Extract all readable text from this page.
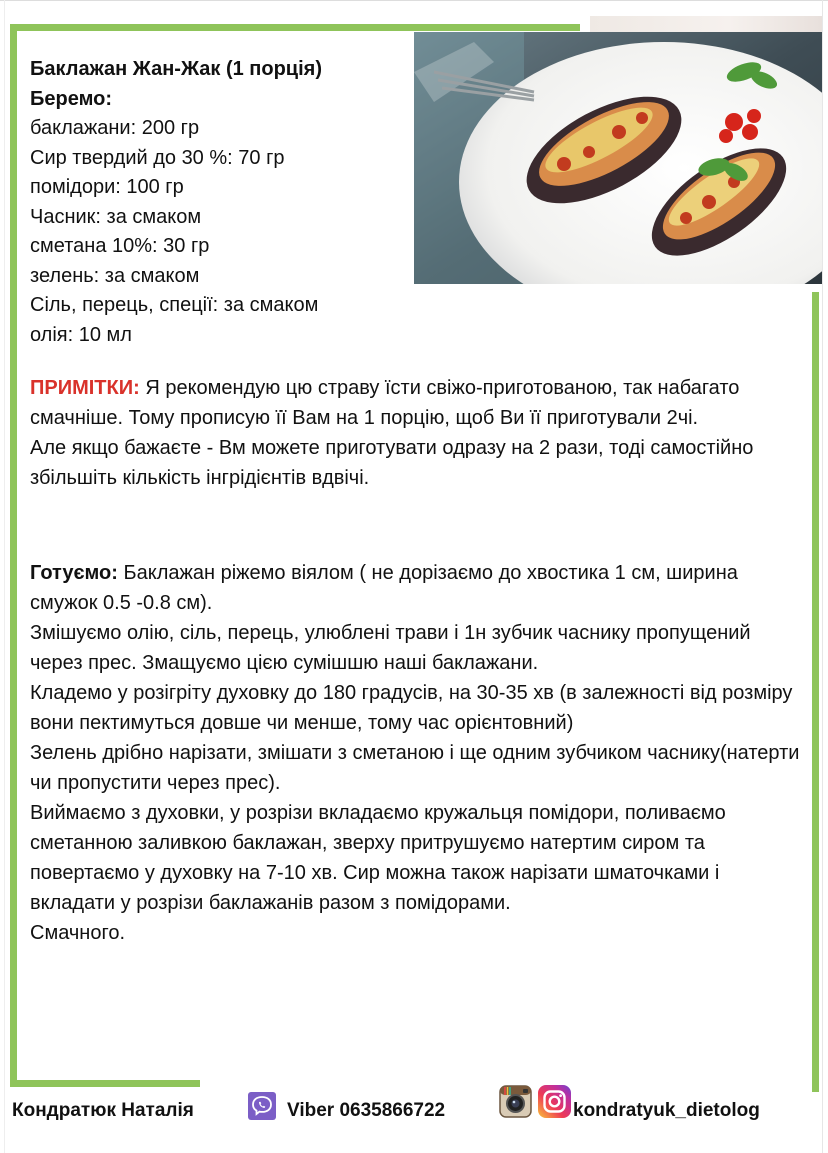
Баклажан Жан-Жак (1 порція)
Беремо:
баклажани: 200 гр
Сир твердий до 30 %: 70 гр
помідори: 100 гр
Часник: за смаком
сметана 10%: 30 гр
зелень: за смаком
Сіль, перець, спеції: за смаком
олія: 10 мл
ПРИМІТКИ: Я рекомендую цю страву їсти свіжо-приготованою, так набагато смачніше. Тому прописую її Вам на 1 порцію, щоб Ви її приготували 2чі.
Але якщо бажаєте - Вм можете приготувати одразу на 2 рази, тоді самостійно збільшіть кількість інгрідієнтів вдвічі.

Готуємо: Баклажан ріжемо віялом ( не дорізаємо до хвостика 1 см, ширина смужок 0.5 -0.8 см).

Змішуємо олію, сіль, перець, улюблені трави і 1н зубчик часнику пропущений через прес. Змащуємо цією сумішшю наші баклажани.

Кладемо у розігріту духовку до 180 градусів, на 30-35 хв (в залежності від розміру вони пектимуться довше чи менше, тому час орієнтовний)

Зелень дрібно нарізати, змішати з сметаною і ще одним зубчиком часнику(натерти чи пропустити через прес).

Виймаємо з духовки, у розрізи вкладаємо кружальця помідори, поливаємо сметанною заливкою баклажан, зверху притрушуємо натертим сиром та повертаємо у духовку на 7-10 хв. Сир можна також нарізати шматочками і вкладати у розрізи баклажанів разом з помідорами.

Смачного.

Кондратюк Наталія	Viber 0635866722	kondratyuk_dietolog
